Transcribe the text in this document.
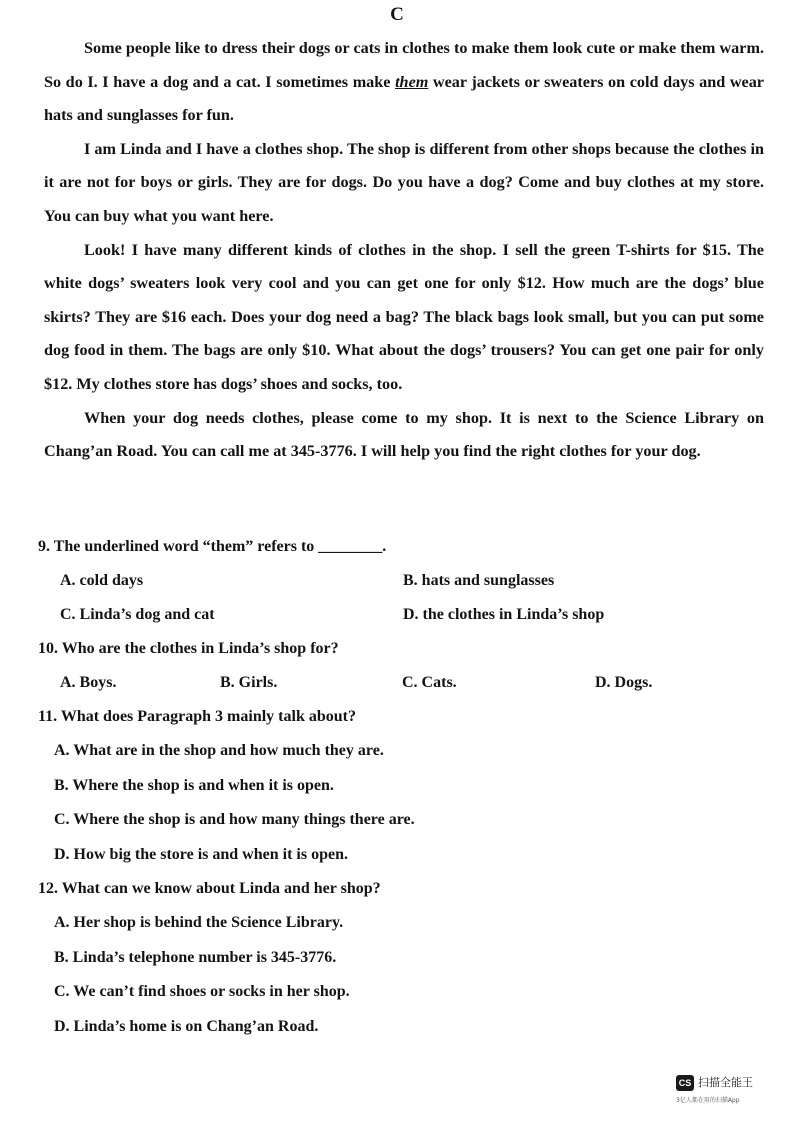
C

Some people like to dress their dogs or cats in clothes to make them look cute or make them warm. So do I. I have a dog and a cat. I sometimes make them wear jackets or sweaters on cold days and wear hats and sunglasses for fun.

I am Linda and I have a clothes shop. The shop is different from other shops because the clothes in it are not for boys or girls. They are for dogs. Do you have a dog? Come and buy clothes at my store. You can buy what you want here.

Look! I have many different kinds of clothes in the shop. I sell the green T-shirts for $15. The white dogs’ sweaters look very cool and you can get one for only $12. How much are the dogs’ blue skirts? They are $16 each. Does your dog need a bag? The black bags look small, but you can put some dog food in them. The bags are only $10. What about the dogs’ trousers? You can get one pair for only $12. My clothes store has dogs’ shoes and socks, too.

When your dog needs clothes, please come to my shop. It is next to the Science Library on Chang’an Road. You can call me at 345-3776. I will help you find the right clothes for your dog.

9. The underlined word “them” refers to ________.
A. cold days	B. hats and sunglasses
C. Linda’s dog and cat	D. the clothes in Linda’s shop
10. Who are the clothes in Linda’s shop for?
A. Boys.	B. Girls.	C. Cats.	D. Dogs.
11. What does Paragraph 3 mainly talk about?
A. What are in the shop and how much they are.
B. Where the shop is and when it is open.
C. Where the shop is and how many things there are.
D. How big the store is and when it is open.
12. What can we know about Linda and her shop?
A. Her shop is behind the Science Library.
B. Linda’s telephone number is 345-3776.
C. We can’t find shoes or socks in her shop.
D. Linda’s home is on Chang’an Road.
CS 扫描全能王
3亿人都在用的扫描App
